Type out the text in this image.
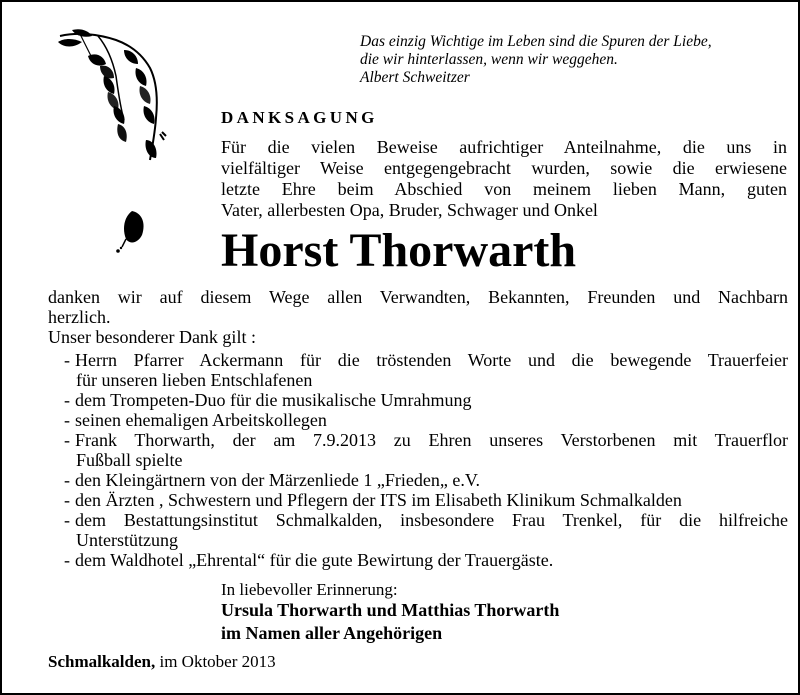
Das einzig Wichtige im Leben sind die Spuren der Liebe,
die wir hinterlassen, wenn wir weggehen.
Albert Schweitzer
DANKSAGUNG
Für die vielen Beweise aufrichtiger Anteilnahme, die uns in
vielfältiger Weise entgegengebracht wurden, sowie die erwiesene
letzte Ehre beim Abschied von meinem lieben Mann, guten
Vater, allerbesten Opa, Bruder, Schwager und Onkel
Horst Thorwarth
danken wir auf diesem Wege allen Verwandten, Bekannten, Freunden und Nachbarn
herzlich.
Unser besonderer Dank gilt :
- Herrn Pfarrer Ackermann für die tröstenden Worte und die bewegende Trauerfeier
für unseren lieben Entschlafenen
- dem Trompeten-Duo für die musikalische Umrahmung
- seinen ehemaligen Arbeitskollegen
- Frank Thorwarth, der am 7.9.2013 zu Ehren unseres Verstorbenen mit Trauerflor
Fußball spielte
- den Kleingärtnern von der Märzenliede 1 „Frieden„ e.V.
- den Ärzten , Schwestern und Pflegern der ITS im Elisabeth Klinikum Schmalkalden
- dem Bestattungsinstitut Schmalkalden, insbesondere Frau Trenkel, für die hilfreiche
Unterstützung
- dem Waldhotel „Ehrental“ für die gute Bewirtung der Trauergäste.
In liebevoller Erinnerung:
Ursula Thorwarth und Matthias Thorwarth
im Namen aller Angehörigen
Schmalkalden, im Oktober 2013
